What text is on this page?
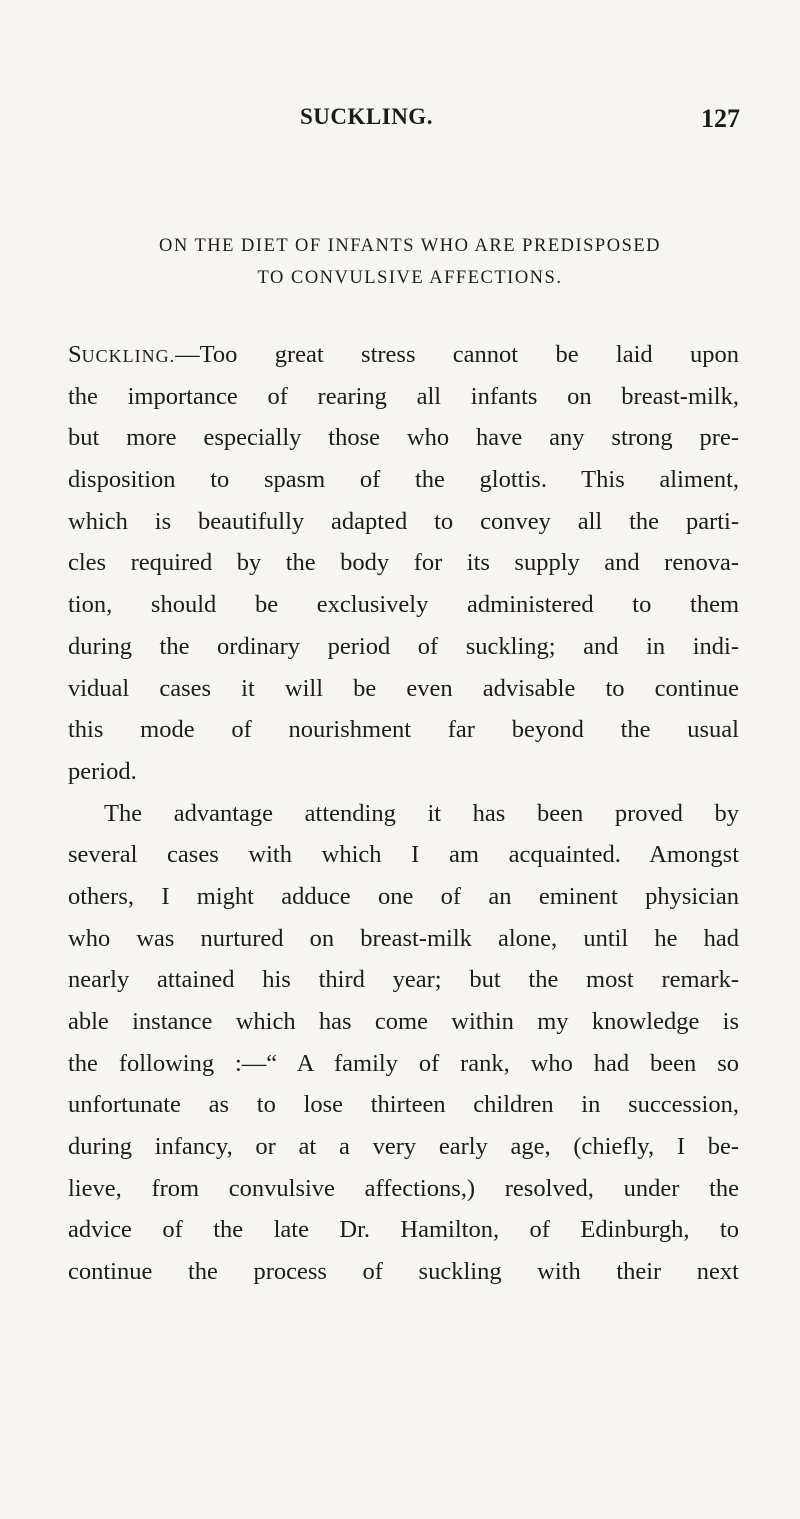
SUCKLING.	127
ON THE DIET OF INFANTS WHO ARE PREDISPOSED
TO CONVULSIVE AFFECTIONS.
SUCKLING.—Too great stress cannot be laid upon
the importance of rearing all infants on breast-milk,
but more especially those who have any strong pre-
disposition to spasm of the glottis. This aliment,
which is beautifully adapted to convey all the parti-
cles required by the body for its supply and renova-
tion, should be exclusively administered to them
during the ordinary period of suckling; and in indi-
vidual cases it will be even advisable to continue
this mode of nourishment far beyond the usual
period.
The advantage attending it has been proved by
several cases with which I am acquainted. Amongst
others, I might adduce one of an eminent physician
who was nurtured on breast-milk alone, until he had
nearly attained his third year; but the most remark-
able instance which has come within my knowledge is
the following :—“ A family of rank, who had been so
unfortunate as to lose thirteen children in succession,
during infancy, or at a very early age, (chiefly, I be-
lieve, from convulsive affections,) resolved, under the
advice of the late Dr. Hamilton, of Edinburgh, to
continue the process of suckling with their next
